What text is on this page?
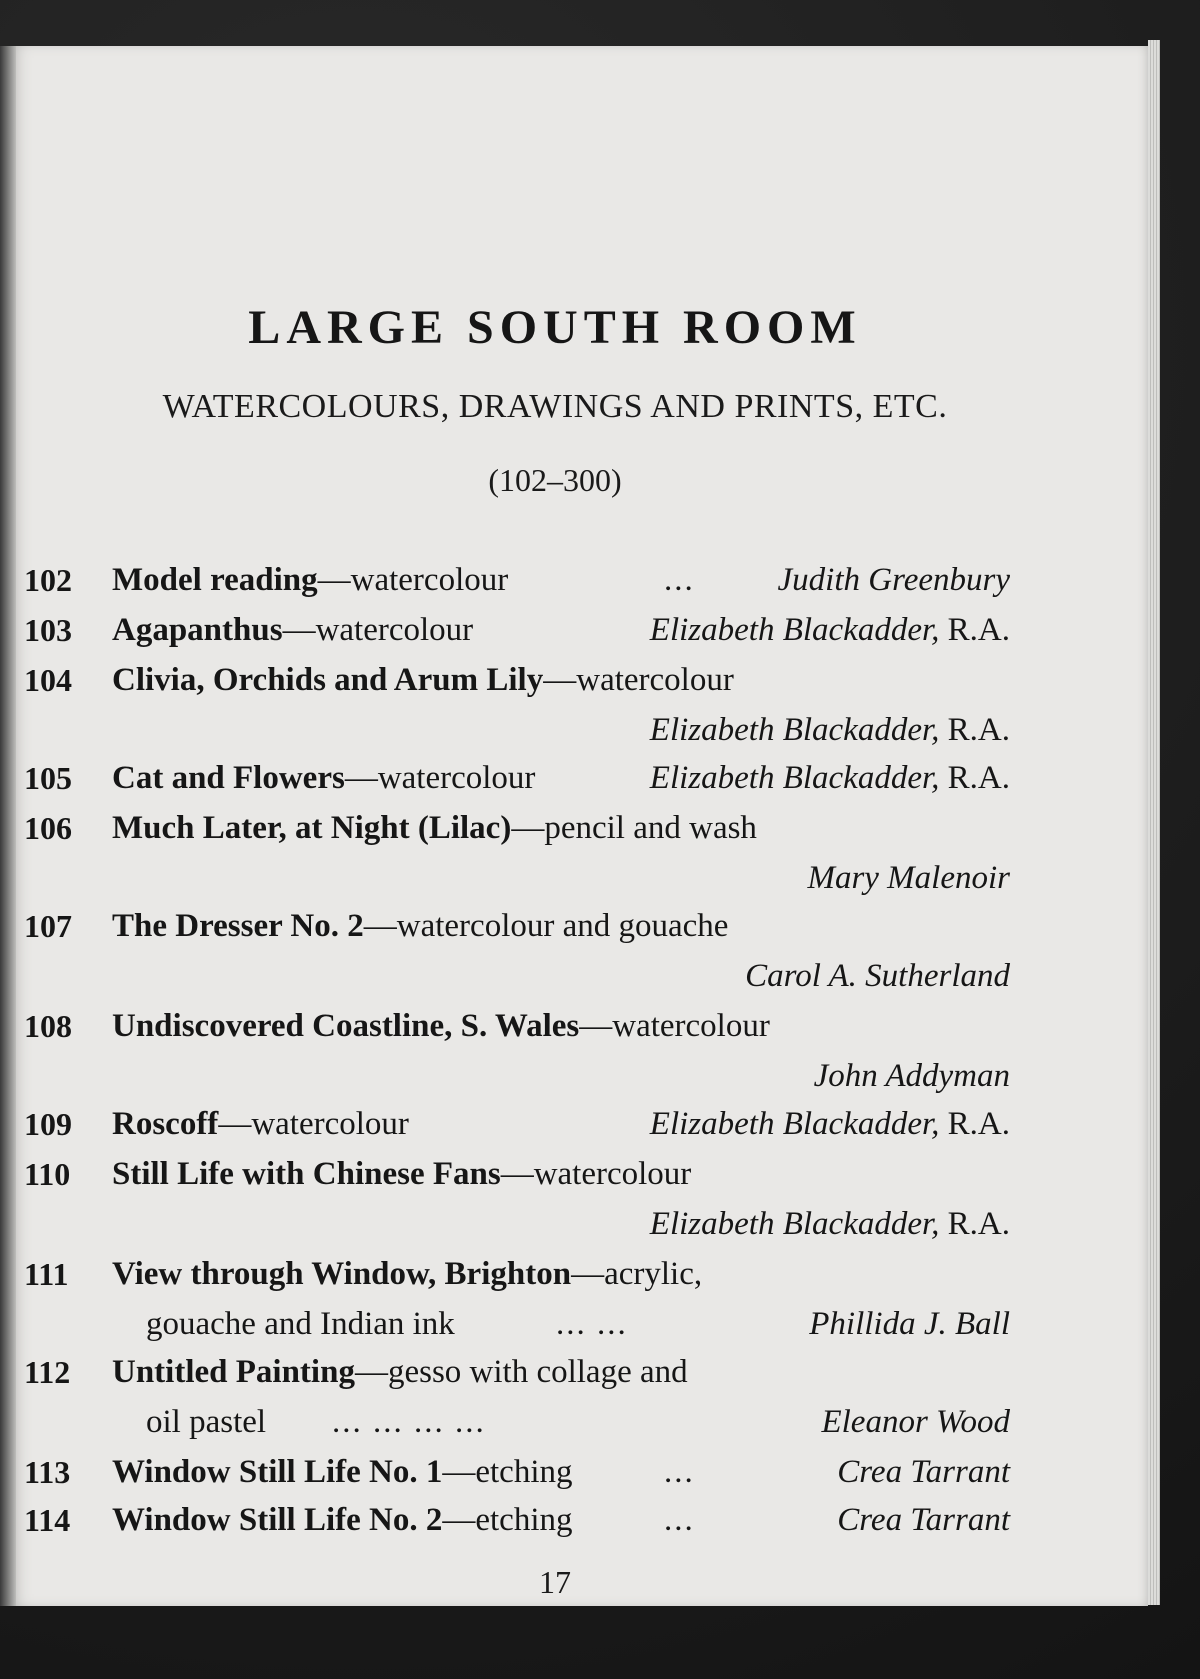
LARGE SOUTH ROOM
WATERCOLOURS, DRAWINGS AND PRINTS, ETC.
(102–300)
102 Model reading—watercolour	...	Judith Greenbury
103 Agapanthus—watercolour	Elizabeth Blackadder, R.A.
104 Clivia, Orchids and Arum Lily—watercolour
Elizabeth Blackadder, R.A.
105 Cat and Flowers—watercolour	Elizabeth Blackadder, R.A.
106 Much Later, at Night (Lilac)—pencil and wash
Mary Malenoir
107 The Dresser No. 2—watercolour and gouache
Carol A. Sutherland
108 Undiscovered Coastline, S. Wales—watercolour
John Addyman
109 Roscoff—watercolour	Elizabeth Blackadder, R.A.
110 Still Life with Chinese Fans—watercolour
Elizabeth Blackadder, R.A.
111 View through Window, Brighton—acrylic,
gouache and Indian ink	... ...	Phillida J. Ball
112 Untitled Painting—gesso with collage and
oil pastel ... ... ... ...	Eleanor Wood
113 Window Still Life No. 1—etching	...	Crea Tarrant
114 Window Still Life No. 2—etching	...	Crea Tarrant
17
